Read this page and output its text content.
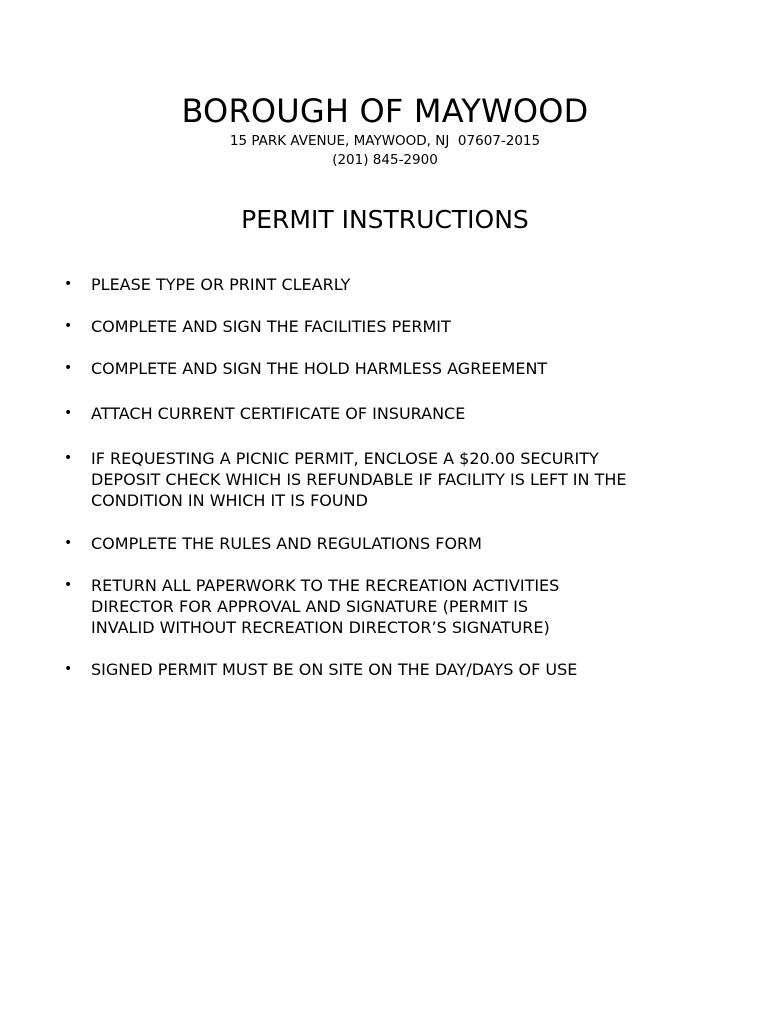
BOROUGH OF MAYWOOD
15 PARK AVENUE, MAYWOOD, NJ  07607-2015
(201) 845-2900
PERMIT INSTRUCTIONS
•	PLEASE TYPE OR PRINT CLEARLY
•	COMPLETE AND SIGN THE FACILITIES PERMIT
•	COMPLETE AND SIGN THE HOLD HARMLESS AGREEMENT
•	ATTACH CURRENT CERTIFICATE OF INSURANCE
•	IF REQUESTING A PICNIC PERMIT, ENCLOSE A $20.00 SECURITY
DEPOSIT CHECK WHICH IS REFUNDABLE IF FACILITY IS LEFT IN THE
CONDITION IN WHICH IT IS FOUND
•	COMPLETE THE RULES AND REGULATIONS FORM
•	RETURN ALL PAPERWORK TO THE RECREATION ACTIVITIES
DIRECTOR FOR APPROVAL AND SIGNATURE (PERMIT IS
INVALID WITHOUT RECREATION DIRECTOR’S SIGNATURE)
•	SIGNED PERMIT MUST BE ON SITE ON THE DAY/DAYS OF USE
